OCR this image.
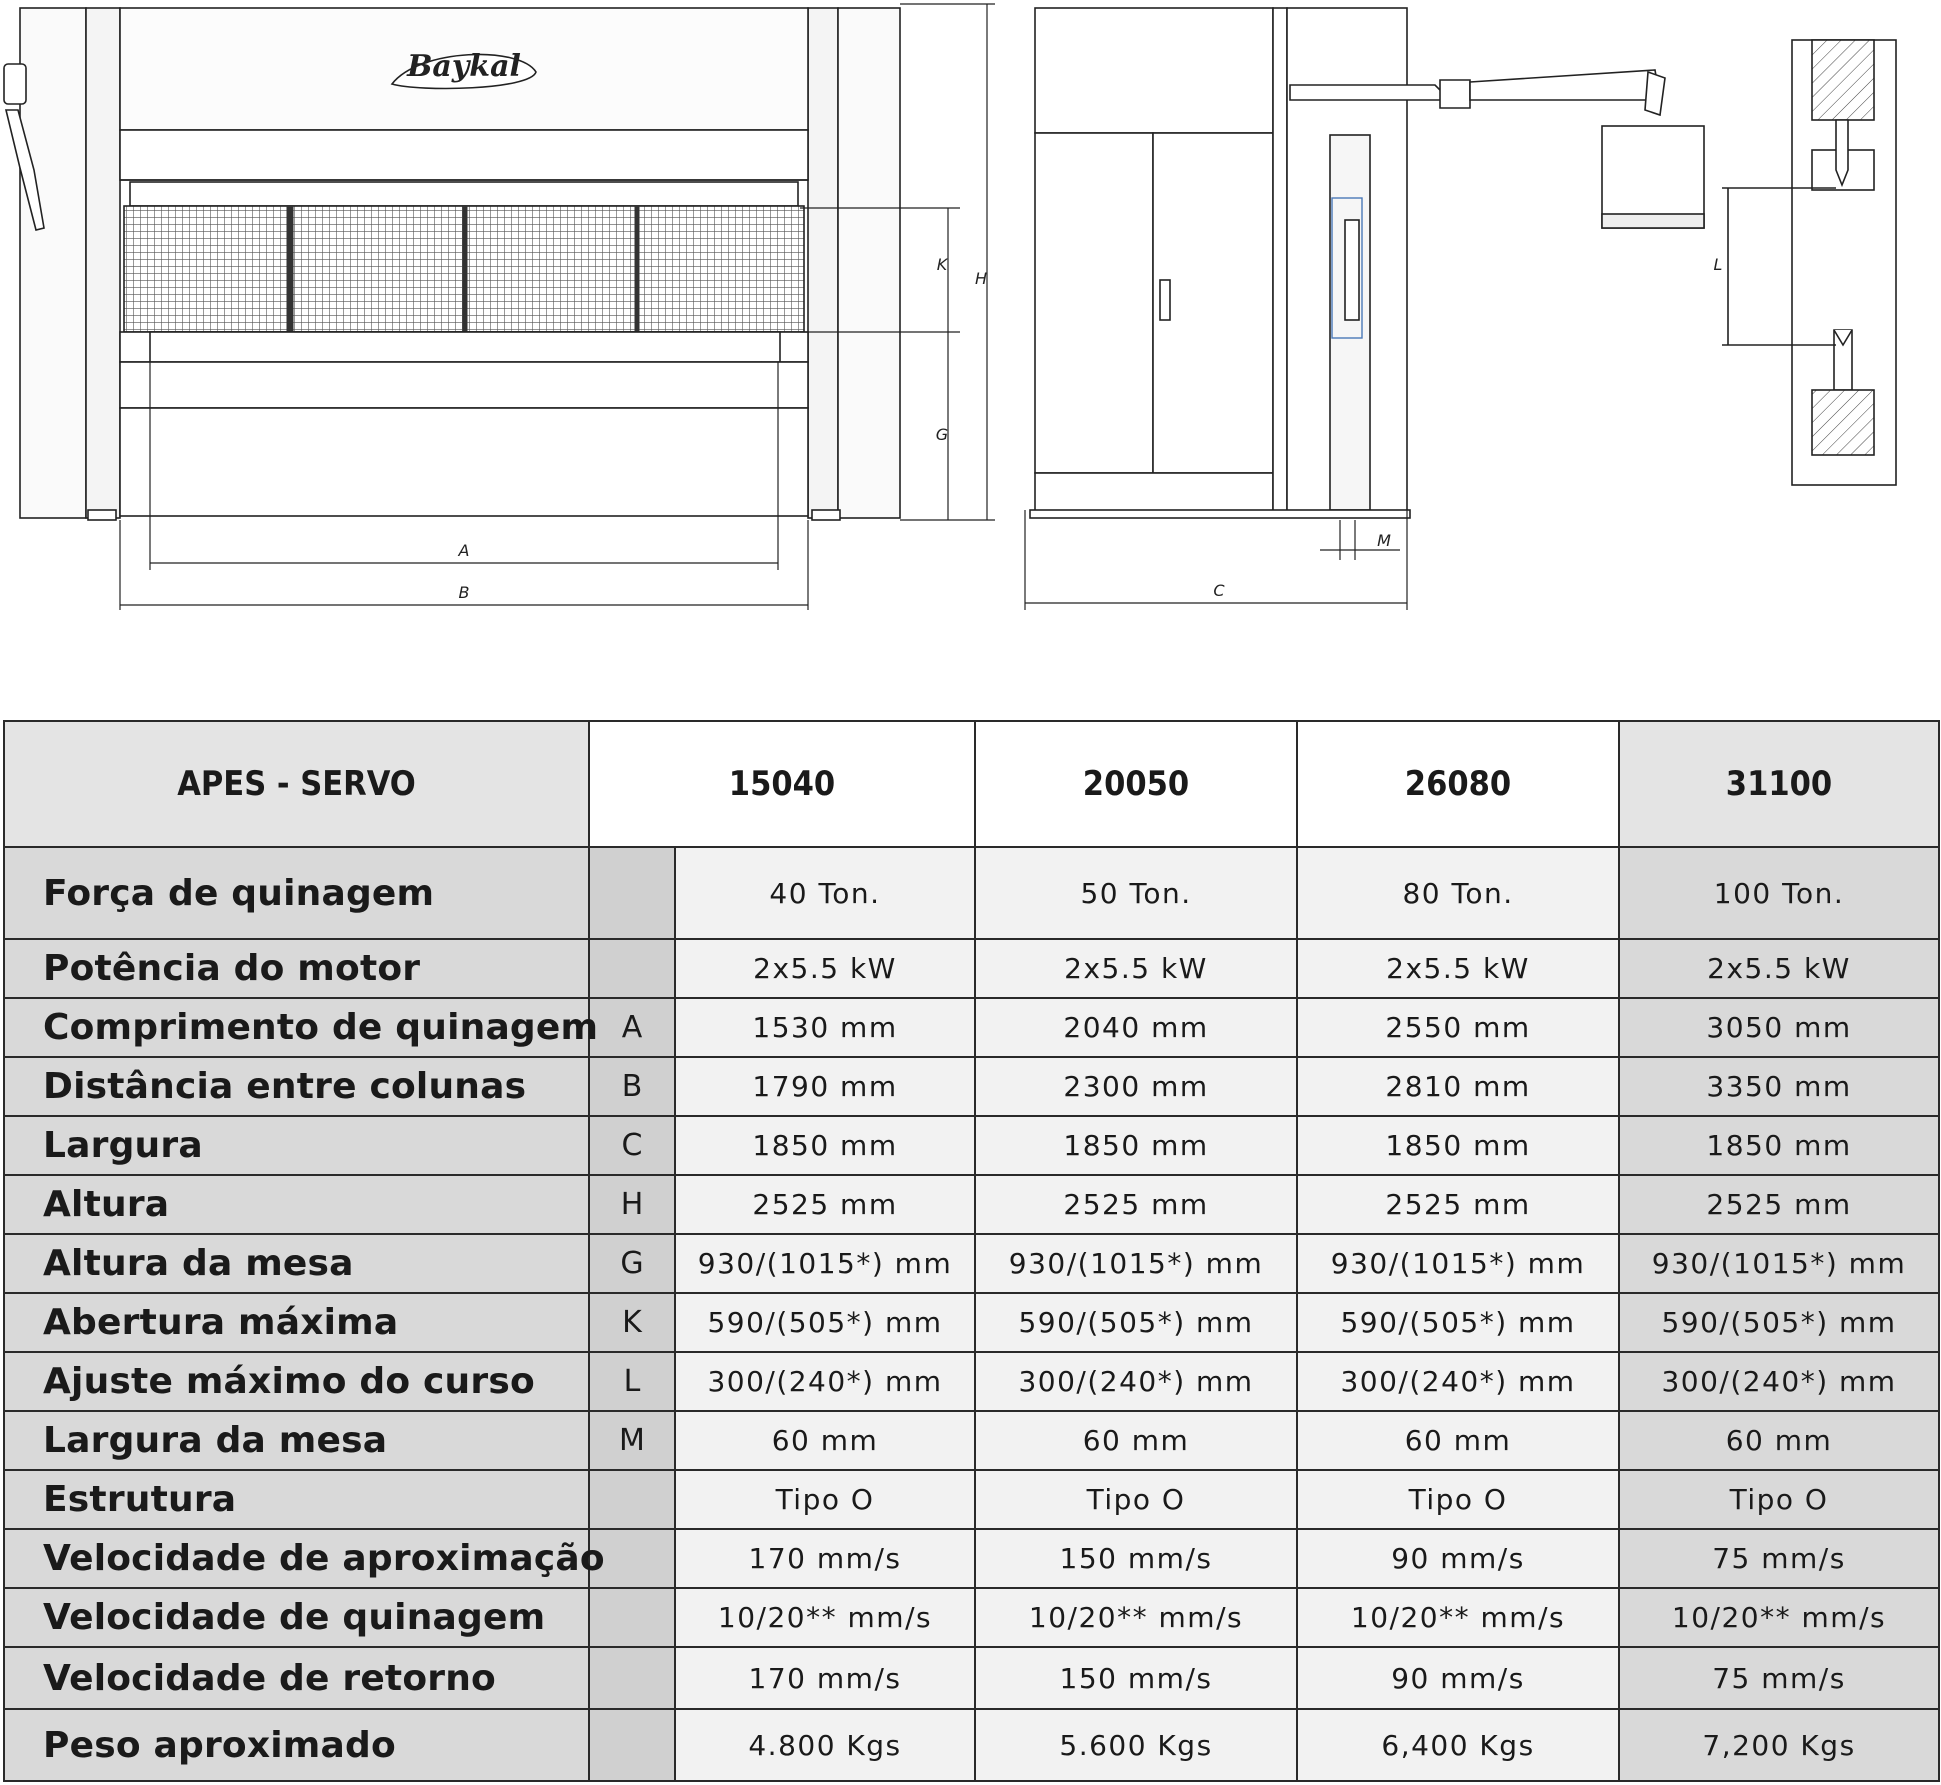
Baykal
A
B
K
G
H
C
M
L
APES - SERVO	15040		20050	26080	31100
Força de quinagem		40 Ton.	50 Ton.	80 Ton.	100 Ton.
Potência do motor		2x5.5 kW	2x5.5 kW	2x5.5 kW	2x5.5 kW
Comprimento de quinagem	A	1530 mm	2040 mm	2550 mm	3050 mm
Distância entre colunas	B	1790 mm	2300 mm	2810 mm	3350 mm
Largura	C	1850 mm	1850 mm	1850 mm	1850 mm
Altura	H	2525 mm	2525 mm	2525 mm	2525 mm
Altura da mesa	G	930/(1015*) mm	930/(1015*) mm	930/(1015*) mm	930/(1015*) mm
Abertura máxima	K	590/(505*) mm	590/(505*) mm	590/(505*) mm	590/(505*) mm
Ajuste máximo do curso	L	300/(240*) mm	300/(240*) mm	300/(240*) mm	300/(240*) mm
Largura da mesa	M	60 mm	60 mm	60 mm	60 mm
Estrutura		Tipo O	Tipo O	Tipo O	Tipo O
Velocidade de aproximação		170 mm/s	150 mm/s	90 mm/s	75 mm/s
Velocidade de quinagem		10/20** mm/s	10/20** mm/s	10/20** mm/s	10/20** mm/s
Velocidade de retorno		170 mm/s	150 mm/s	90 mm/s	75 mm/s
Peso aproximado		4.800 Kgs	5.600 Kgs	6,400 Kgs	7,200 Kgs
